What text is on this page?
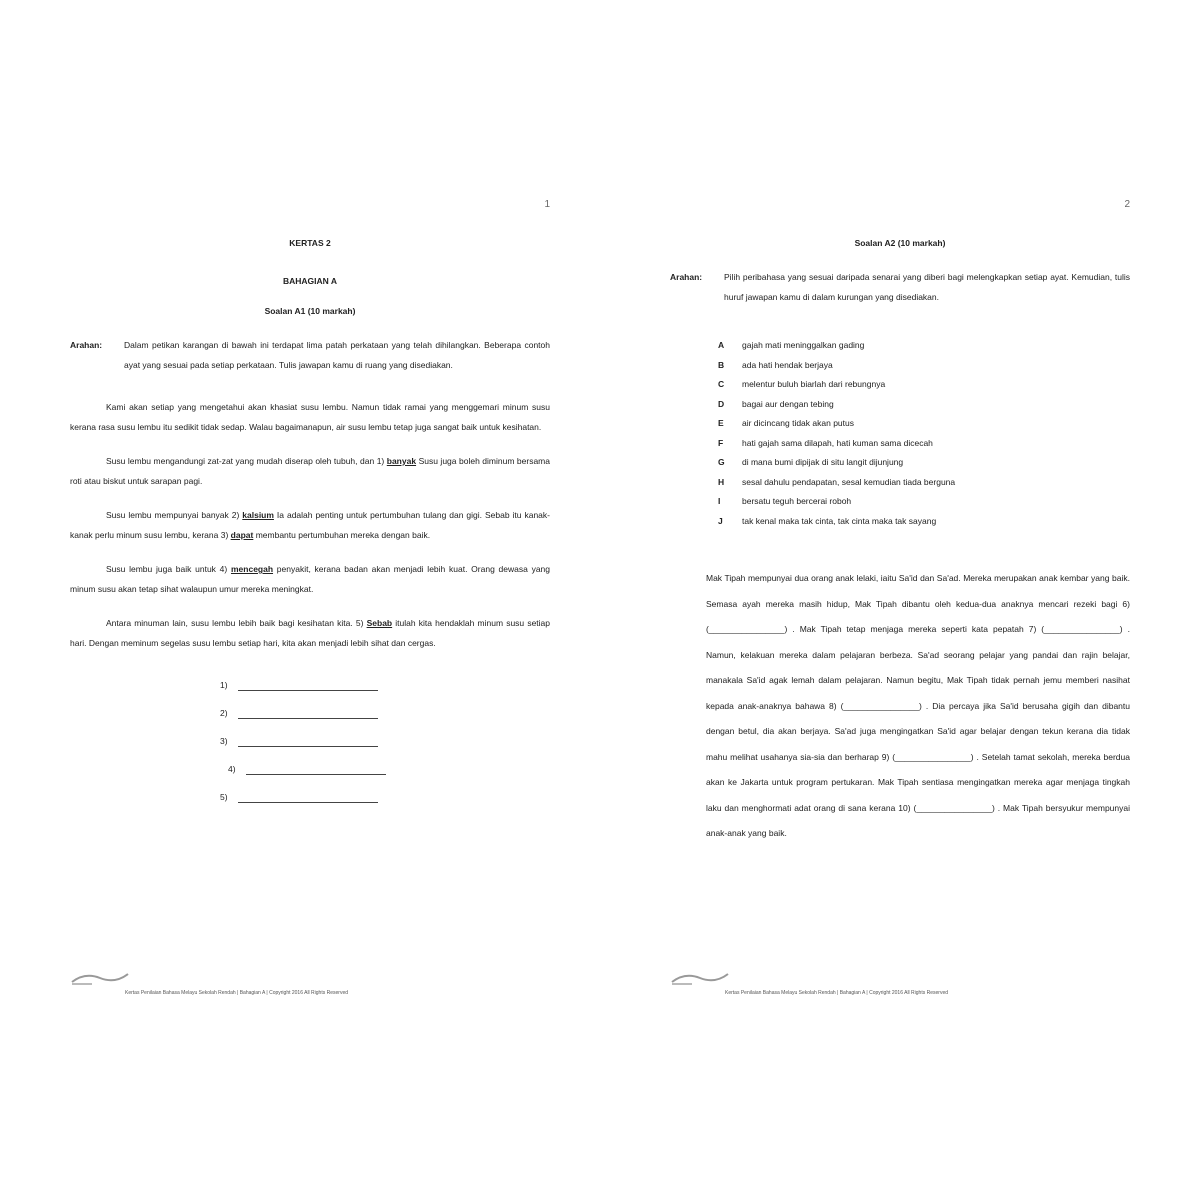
1
KERTAS 2
BAHAGIAN A
Soalan A1 (10 markah)
Arahan:	Dalam petikan karangan di bawah ini terdapat lima patah perkataan yang telah dihilangkan. Beberapa contoh ayat yang sesuai pada setiap perkataan. Tulis jawapan kamu di ruang yang disediakan.

Kami akan setiap yang mengetahui akan khasiat susu lembu. Namun tidak ramai yang menggemari minum susu kerana rasa susu lembu itu sedikit tidak sedap. Walau bagaimanapun, air susu lembu tetap juga sangat baik untuk kesihatan.

Susu lembu mengandungi zat-zat yang mudah diserap oleh tubuh, dan 1) banyak Susu juga boleh diminum bersama roti atau biskut untuk sarapan pagi.

Susu lembu mempunyai banyak 2) kalsium Ia adalah penting untuk pertumbuhan tulang dan gigi. Sebab itu kanak-kanak perlu minum susu lembu, kerana 3) dapat membantu pertumbuhan mereka dengan baik.

Susu lembu juga baik untuk 4) mencegah penyakit, kerana badan akan menjadi lebih kuat. Orang dewasa yang minum susu akan tetap sihat walaupun umur mereka meningkat.

Antara minuman lain, susu lembu lebih baik bagi kesihatan kita. 5) Sebab itulah kita hendaklah minum susu setiap hari. Dengan meminum segelas susu lembu setiap hari, kita akan menjadi lebih sihat dan cergas.

1)
2)
3)
4)
5)
2
Soalan A2 (10 markah)
Arahan:	Pilih peribahasa yang sesuai daripada senarai yang diberi bagi melengkapkan setiap ayat. Kemudian, tulis huruf jawapan kamu di dalam kurungan yang disediakan.
A	gajah mati meninggalkan gading
B	ada hati hendak berjaya
C	melentur buluh biarlah dari rebungnya
D	bagai aur dengan tebing
E	air dicincang tidak akan putus
F	hati gajah sama dilapah, hati kuman sama dicecah
G	di mana bumi dipijak di situ langit dijunjung
H	sesal dahulu pendapatan, sesal kemudian tiada berguna
I	bersatu teguh bercerai roboh
J	tak kenal maka tak cinta, tak cinta maka tak sayang
Mak Tipah mempunyai dua orang anak lelaki, iaitu Sa'id dan Sa'ad. Mereka merupakan anak kembar yang baik. Semasa ayah mereka masih hidup, Mak Tipah dibantu oleh kedua-dua anaknya mencari rezeki bagi 6) (________________) . Mak Tipah tetap menjaga mereka seperti kata pepatah 7) (________________) . Namun, kelakuan mereka dalam pelajaran berbeza. Sa'ad seorang pelajar yang pandai dan rajin belajar, manakala Sa'id agak lemah dalam pelajaran. Namun begitu, Mak Tipah tidak pernah jemu memberi nasihat kepada anak-anaknya bahawa 8) (________________) . Dia percaya jika Sa'id berusaha gigih dan dibantu dengan betul, dia akan berjaya. Sa'ad juga mengingatkan Sa'id agar belajar dengan tekun kerana dia tidak mahu melihat usahanya sia-sia dan berharap 9) (________________) . Setelah tamat sekolah, mereka berdua akan ke Jakarta untuk program pertukaran. Mak Tipah sentiasa mengingatkan mereka agar menjaga tingkah laku dan menghormati adat orang di sana kerana 10) (________________) . Mak Tipah bersyukur mempunyai anak-anak yang baik.
Kertas Penilaian Bahasa Melayu Sekolah Rendah | Bahagian A | Copyright 2016 All Rights Reserved	Kertas Penilaian Bahasa Melayu Sekolah Rendah | Bahagian A | Copyright 2016 All Rights Reserved
